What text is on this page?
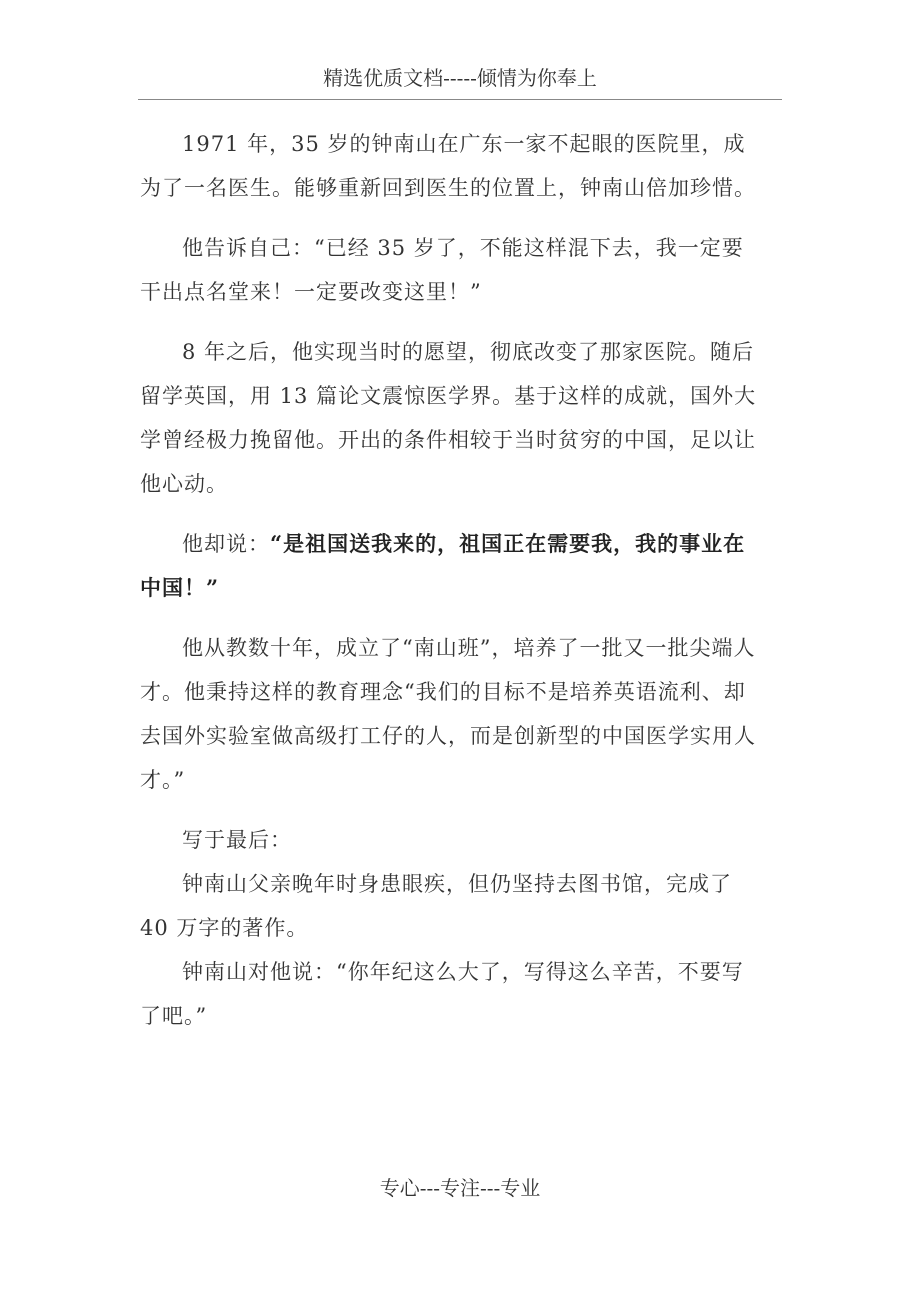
精选优质文档-----倾情为你奉上

1971 年，35 岁的钟南山在广东一家不起眼的医院里，成为了一名医生。能够重新回到医生的位置上，钟南山倍加珍惜。

他告诉自己：“已经 35 岁了，不能这样混下去，我一定要干出点名堂来！一定要改变这里！”

8 年之后，他实现当时的愿望，彻底改变了那家医院。随后留学英国，用 13 篇论文震惊医学界。基于这样的成就，国外大学曾经极力挽留他。开出的条件相较于当时贫穷的中国，足以让他心动。

他却说：“是祖国送我来的，祖国正在需要我，我的事业在中国！”

他从教数十年，成立了“南山班”，培养了一批又一批尖端人才。他秉持这样的教育理念“我们的目标不是培养英语流利、却去国外实验室做高级打工仔的人，而是创新型的中国医学实用人才。”

写于最后：

钟南山父亲晚年时身患眼疾，但仍坚持去图书馆，完成了 40 万字的著作。

钟南山对他说：“你年纪这么大了，写得这么辛苦，不要写了吧。”

专心---专注---专业
